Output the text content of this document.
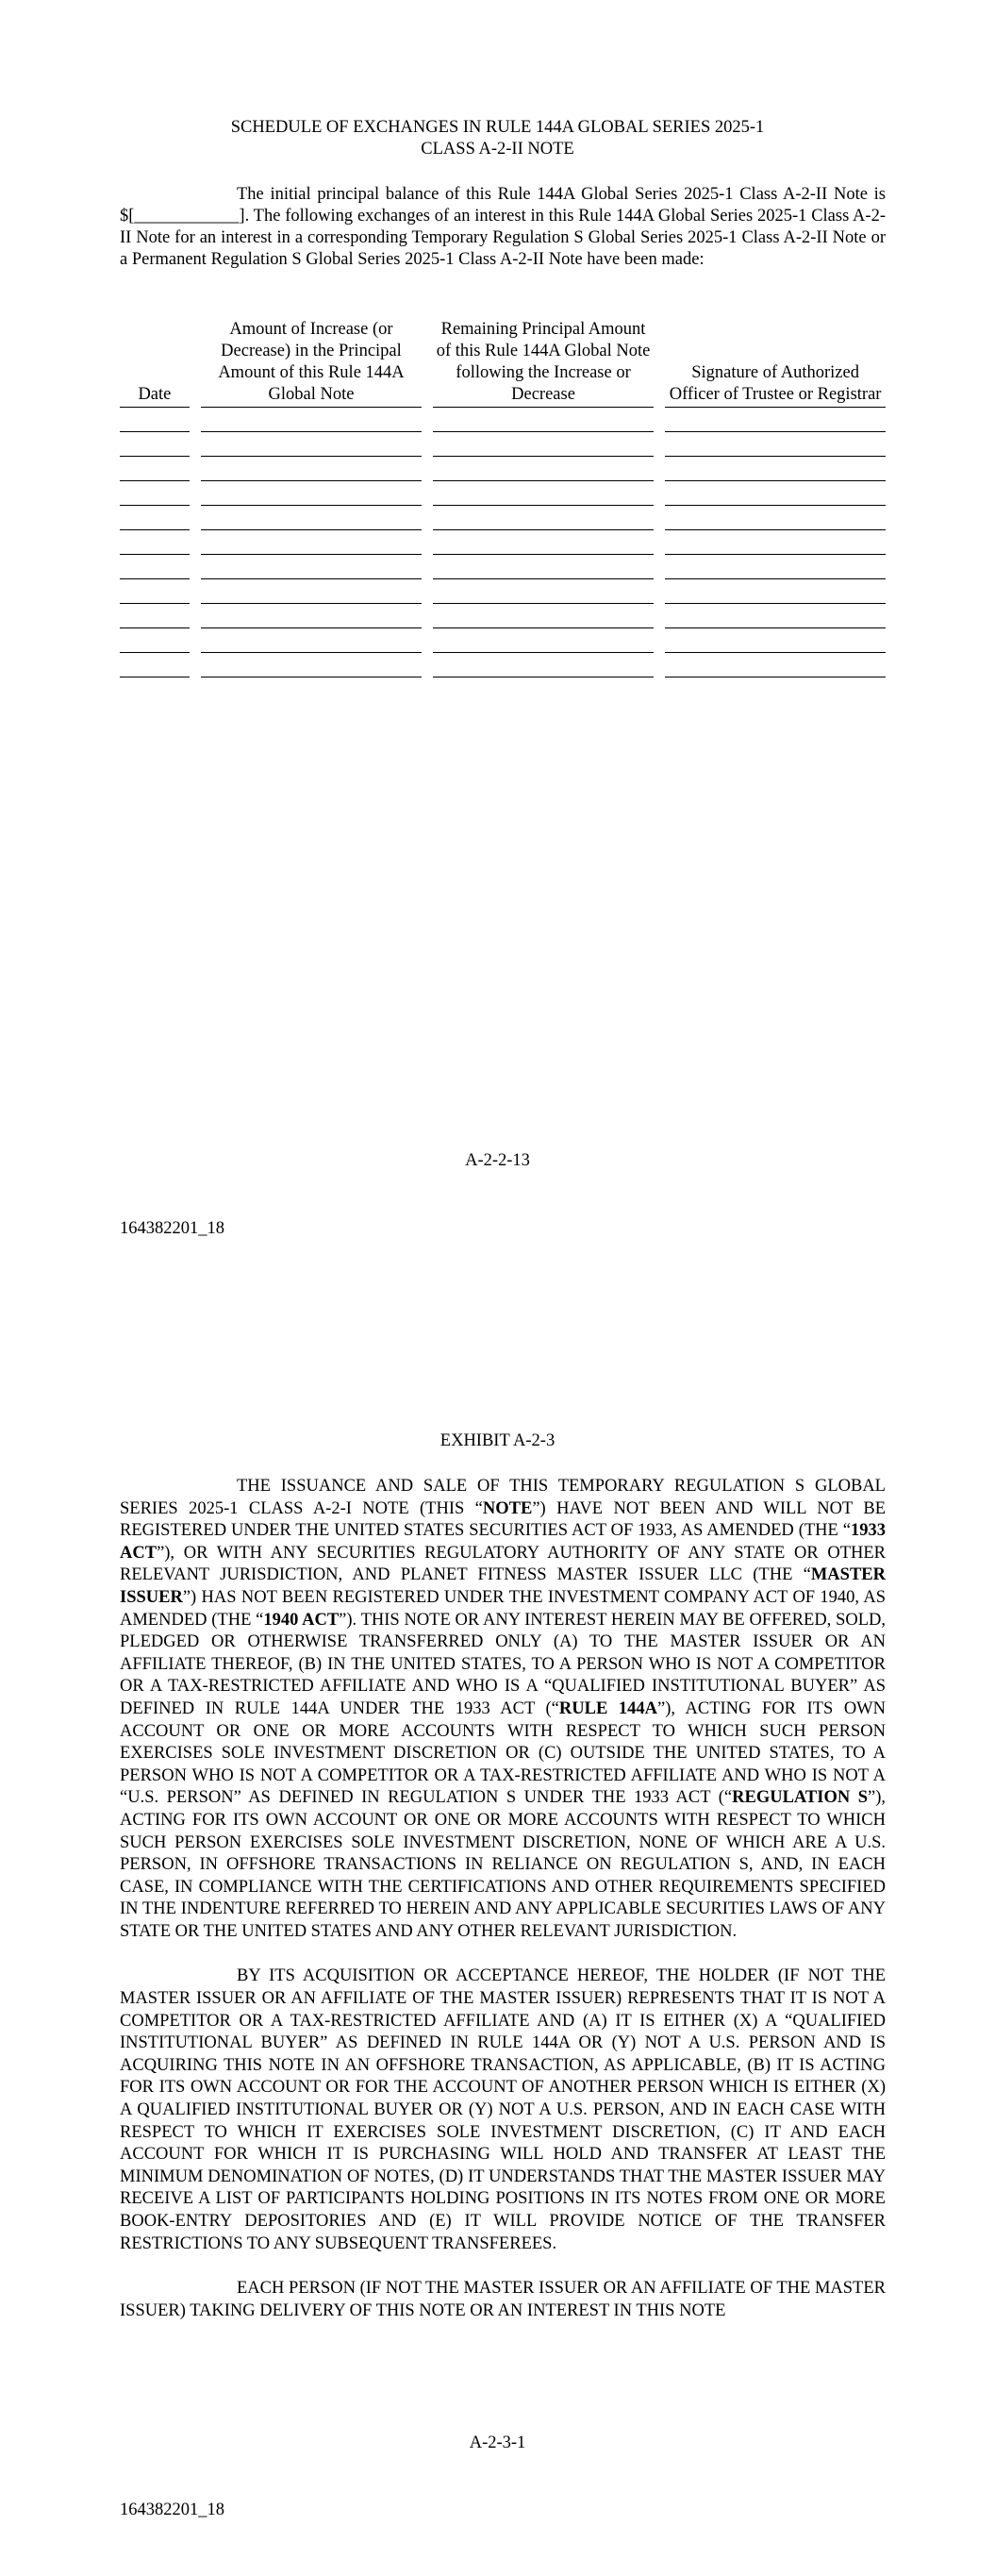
SCHEDULE OF EXCHANGES IN RULE 144A GLOBAL SERIES 2025-1
CLASS A-2-II NOTE

The initial principal balance of this Rule 144A Global Series 2025-1 Class A-2-II Note is $[____________]. The following exchanges of an interest in this Rule 144A Global Series 2025-1 Class A-2-II Note for an interest in a corresponding Temporary Regulation S Global Series 2025-1 Class A-2-II Note or a Permanent Regulation S Global Series 2025-1 Class A-2-II Note have been made:

Date		Amount of Increase (or Decrease) in the Principal Amount of this Rule 144A Global Note		Remaining Principal Amount of this Rule 144A Global Note following the Increase or Decrease		Signature of Authorized Officer of Trustee or Registrar

A-2-2-13
164382201_18
EXHIBIT A-2-3

THE ISSUANCE AND SALE OF THIS TEMPORARY REGULATION S GLOBAL SERIES 2025-1 CLASS A-2-I NOTE (THIS “NOTE”) HAVE NOT BEEN AND WILL NOT BE REGISTERED UNDER THE UNITED STATES SECURITIES ACT OF 1933, AS AMENDED (THE “1933 ACT”), OR WITH ANY SECURITIES REGULATORY AUTHORITY OF ANY STATE OR OTHER RELEVANT JURISDICTION, AND PLANET FITNESS MASTER ISSUER LLC (THE “MASTER ISSUER”) HAS NOT BEEN REGISTERED UNDER THE INVESTMENT COMPANY ACT OF 1940, AS AMENDED (THE “1940 ACT”). THIS NOTE OR ANY INTEREST HEREIN MAY BE OFFERED, SOLD, PLEDGED OR OTHERWISE TRANSFERRED ONLY (A) TO THE MASTER ISSUER OR AN AFFILIATE THEREOF, (B) IN THE UNITED STATES, TO A PERSON WHO IS NOT A COMPETITOR OR A TAX-RESTRICTED AFFILIATE AND WHO IS A “QUALIFIED INSTITUTIONAL BUYER” AS DEFINED IN RULE 144A UNDER THE 1933 ACT (“RULE 144A”), ACTING FOR ITS OWN ACCOUNT OR ONE OR MORE ACCOUNTS WITH RESPECT TO WHICH SUCH PERSON EXERCISES SOLE INVESTMENT DISCRETION OR (C) OUTSIDE THE UNITED STATES, TO A PERSON WHO IS NOT A COMPETITOR OR A TAX-RESTRICTED AFFILIATE AND WHO IS NOT A “U.S. PERSON” AS DEFINED IN REGULATION S UNDER THE 1933 ACT (“REGULATION S”), ACTING FOR ITS OWN ACCOUNT OR ONE OR MORE ACCOUNTS WITH RESPECT TO WHICH SUCH PERSON EXERCISES SOLE INVESTMENT DISCRETION, NONE OF WHICH ARE A U.S. PERSON, IN OFFSHORE TRANSACTIONS IN RELIANCE ON REGULATION S, AND, IN EACH CASE, IN COMPLIANCE WITH THE CERTIFICATIONS AND OTHER REQUIREMENTS SPECIFIED IN THE INDENTURE REFERRED TO HEREIN AND ANY APPLICABLE SECURITIES LAWS OF ANY STATE OR THE UNITED STATES AND ANY OTHER RELEVANT JURISDICTION.

BY ITS ACQUISITION OR ACCEPTANCE HEREOF, THE HOLDER (IF NOT THE MASTER ISSUER OR AN AFFILIATE OF THE MASTER ISSUER) REPRESENTS THAT IT IS NOT A COMPETITOR OR A TAX-RESTRICTED AFFILIATE AND (A) IT IS EITHER (X) A “QUALIFIED INSTITUTIONAL BUYER” AS DEFINED IN RULE 144A OR (Y) NOT A U.S. PERSON AND IS ACQUIRING THIS NOTE IN AN OFFSHORE TRANSACTION, AS APPLICABLE, (B) IT IS ACTING FOR ITS OWN ACCOUNT OR FOR THE ACCOUNT OF ANOTHER PERSON WHICH IS EITHER (X) A QUALIFIED INSTITUTIONAL BUYER OR (Y) NOT A U.S. PERSON, AND IN EACH CASE WITH RESPECT TO WHICH IT EXERCISES SOLE INVESTMENT DISCRETION, (C) IT AND EACH ACCOUNT FOR WHICH IT IS PURCHASING WILL HOLD AND TRANSFER AT LEAST THE MINIMUM DENOMINATION OF NOTES, (D) IT UNDERSTANDS THAT THE MASTER ISSUER MAY RECEIVE A LIST OF PARTICIPANTS HOLDING POSITIONS IN ITS NOTES FROM ONE OR MORE BOOK-ENTRY DEPOSITORIES AND (E) IT WILL PROVIDE NOTICE OF THE TRANSFER RESTRICTIONS TO ANY SUBSEQUENT TRANSFEREES.

EACH PERSON (IF NOT THE MASTER ISSUER OR AN AFFILIATE OF THE MASTER ISSUER) TAKING DELIVERY OF THIS NOTE OR AN INTEREST IN THIS NOTE

A-2-3-1
164382201_18
